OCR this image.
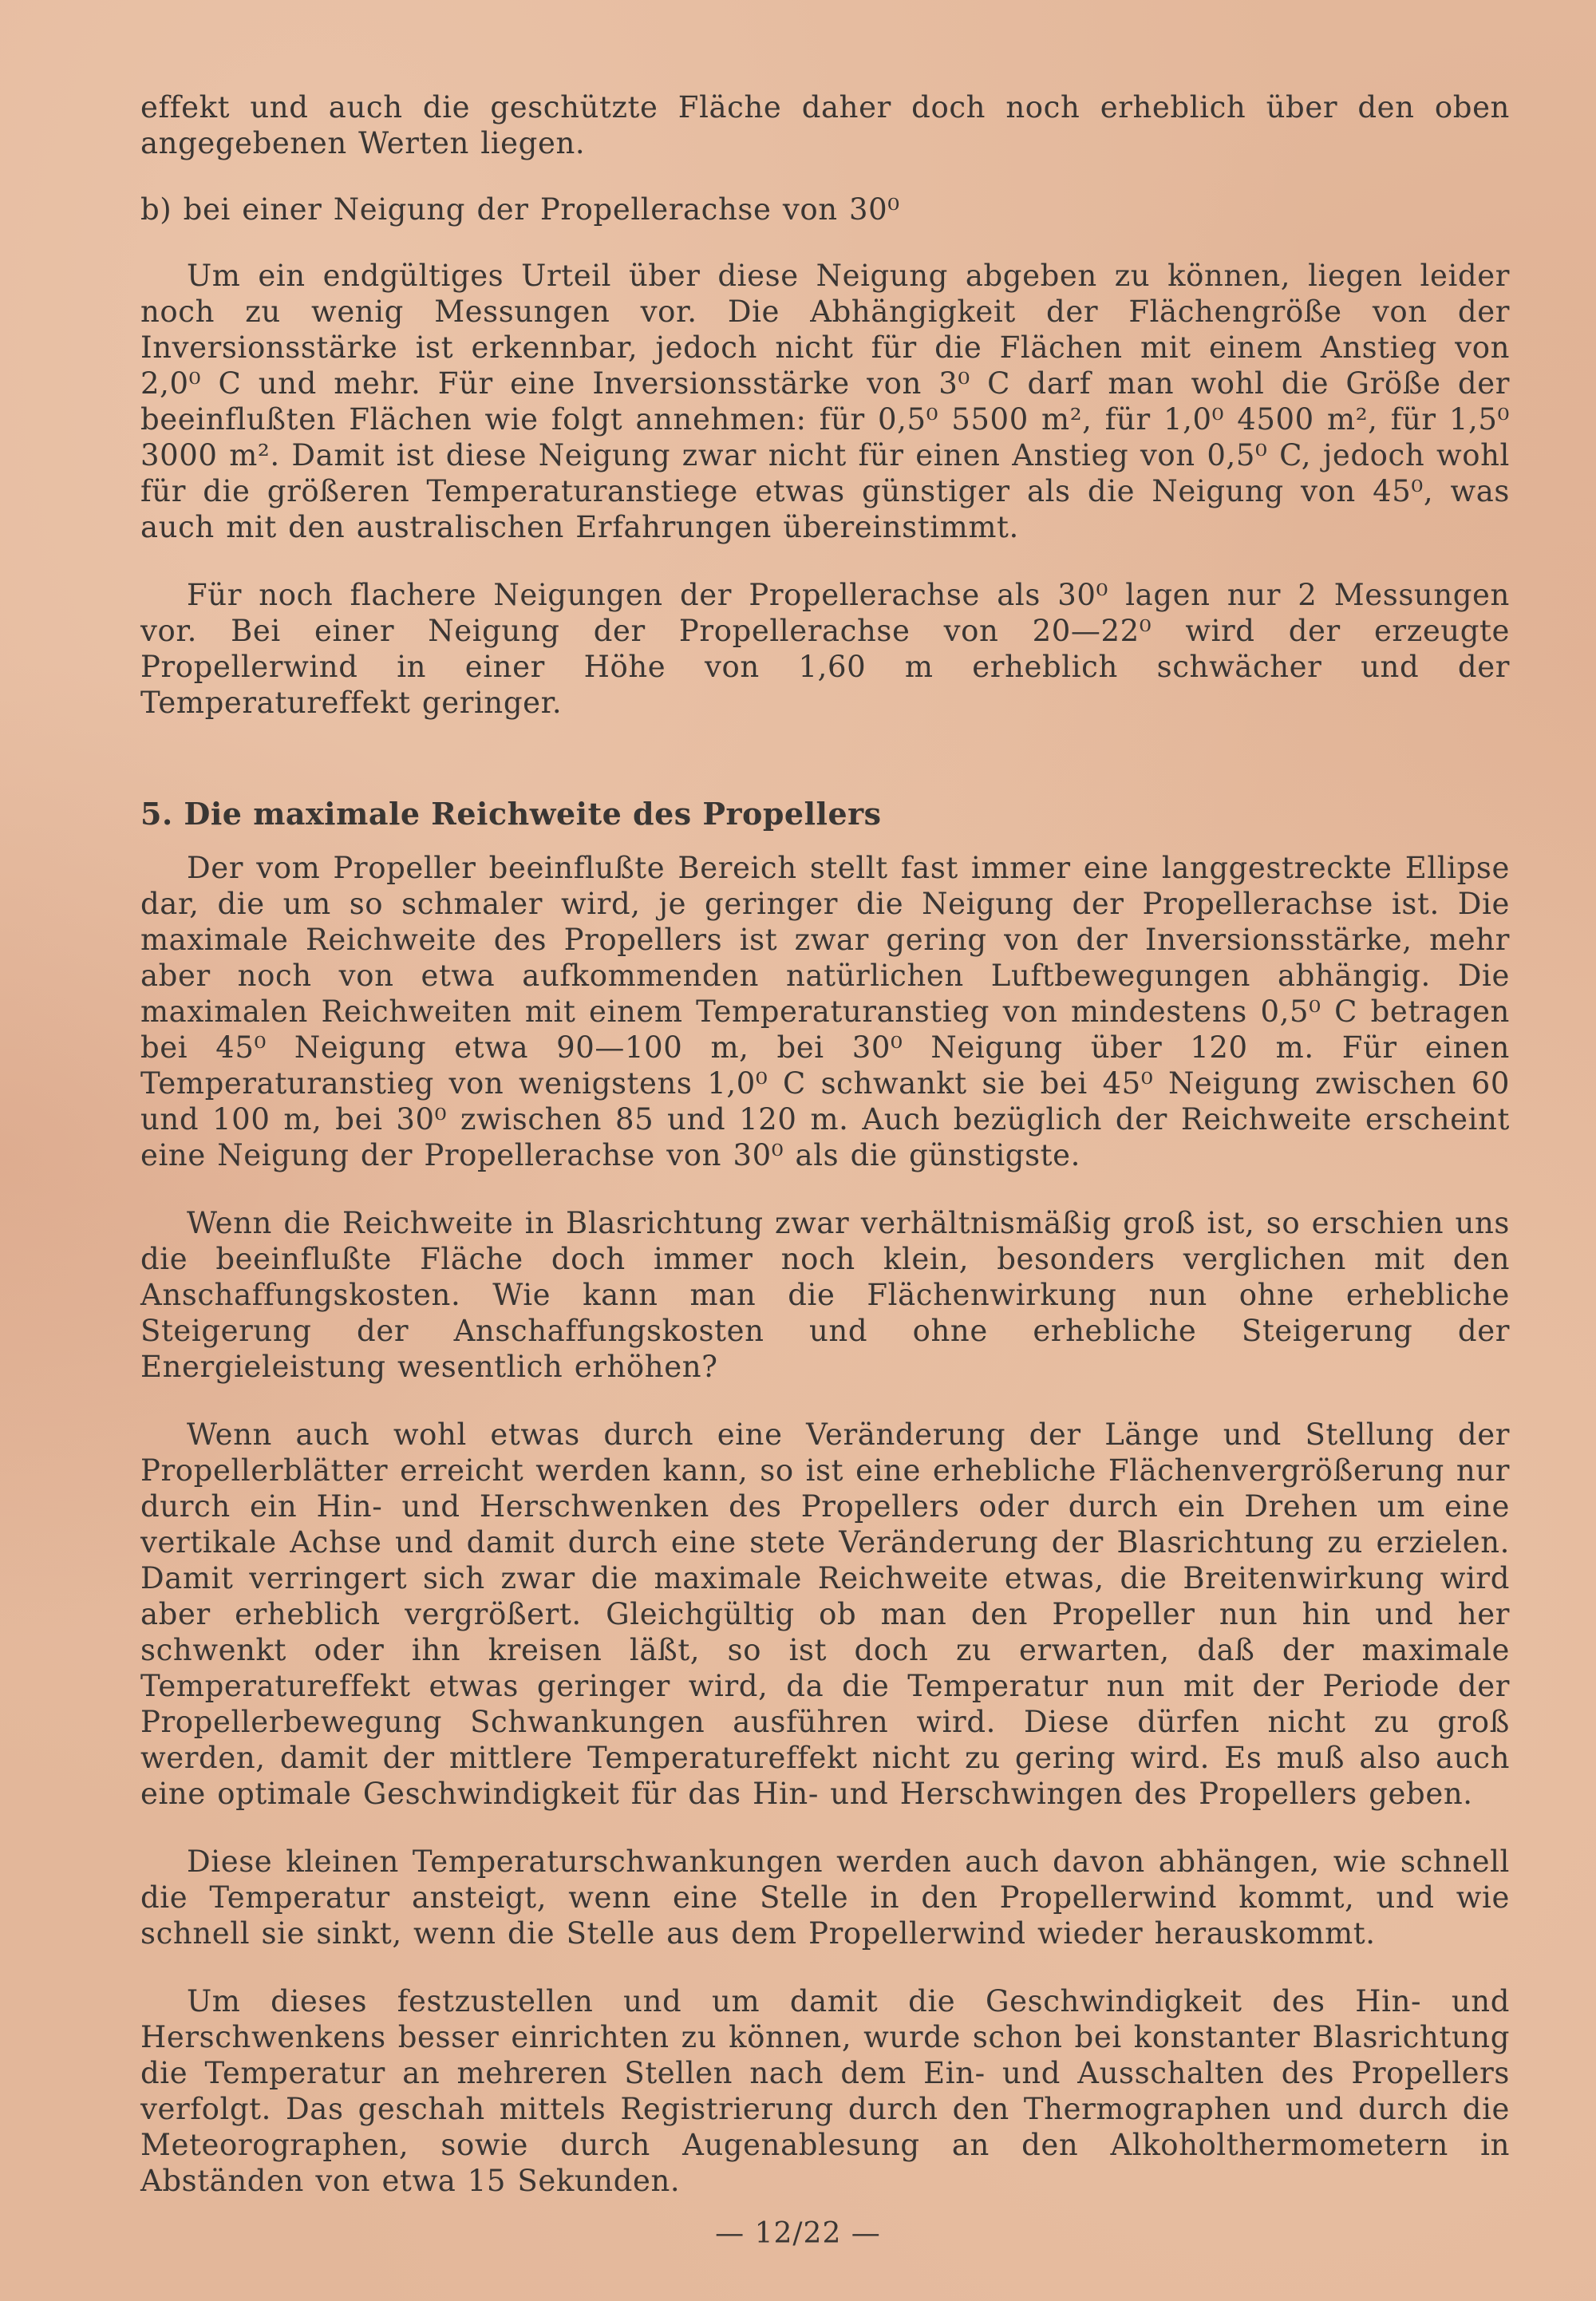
effekt und auch die geschützte Fläche daher doch noch erheblich über den oben angegebenen Werten liegen.

b) bei einer Neigung der Propellerachse von 30⁰

Um ein endgültiges Urteil über diese Neigung abgeben zu können, liegen leider noch zu wenig Messungen vor. Die Abhängigkeit der Flächengröße von der Inversionsstärke ist erkennbar, jedoch nicht für die Flächen mit einem Anstieg von 2,0⁰ C und mehr. Für eine Inversionsstärke von 3⁰ C darf man wohl die Größe der beeinflußten Flächen wie folgt annehmen: für 0,5⁰ 5500 m², für 1,0⁰ 4500 m², für 1,5⁰ 3000 m². Damit ist diese Neigung zwar nicht für einen Anstieg von 0,5⁰ C, jedoch wohl für die größeren Temperaturanstiege etwas günstiger als die Neigung von 45⁰, was auch mit den australischen Erfahrungen übereinstimmt.

Für noch flachere Neigungen der Propellerachse als 30⁰ lagen nur 2 Messungen vor. Bei einer Neigung der Propellerachse von 20—22⁰ wird der erzeugte Propellerwind in einer Höhe von 1,60 m erheblich schwächer und der Temperatureffekt geringer.

5. Die maximale Reichweite des Propellers

Der vom Propeller beeinflußte Bereich stellt fast immer eine langgestreckte Ellipse dar, die um so schmaler wird, je geringer die Neigung der Propellerachse ist. Die maximale Reichweite des Propellers ist zwar gering von der Inversionsstärke, mehr aber noch von etwa aufkommenden natürlichen Luftbewegungen abhängig. Die maximalen Reichweiten mit einem Temperaturanstieg von mindestens 0,5⁰ C betragen bei 45⁰ Neigung etwa 90—100 m, bei 30⁰ Neigung über 120 m. Für einen Temperaturanstieg von wenigstens 1,0⁰ C schwankt sie bei 45⁰ Neigung zwischen 60 und 100 m, bei 30⁰ zwischen 85 und 120 m. Auch bezüglich der Reichweite erscheint eine Neigung der Propellerachse von 30⁰ als die günstigste.

Wenn die Reichweite in Blasrichtung zwar verhältnismäßig groß ist, so erschien uns die beeinflußte Fläche doch immer noch klein, besonders verglichen mit den Anschaffungskosten. Wie kann man die Flächenwirkung nun ohne erhebliche Steigerung der Anschaffungskosten und ohne erhebliche Steigerung der Energieleistung wesentlich erhöhen?

Wenn auch wohl etwas durch eine Veränderung der Länge und Stellung der Propellerblätter erreicht werden kann, so ist eine erhebliche Flächenvergrößerung nur durch ein Hin- und Herschwenken des Propellers oder durch ein Drehen um eine vertikale Achse und damit durch eine stete Veränderung der Blasrichtung zu erzielen. Damit verringert sich zwar die maximale Reichweite etwas, die Breitenwirkung wird aber erheblich vergrößert. Gleichgültig ob man den Propeller nun hin und her schwenkt oder ihn kreisen läßt, so ist doch zu erwarten, daß der maximale Temperatureffekt etwas geringer wird, da die Temperatur nun mit der Periode der Propellerbewegung Schwankungen ausführen wird. Diese dürfen nicht zu groß werden, damit der mittlere Temperatureffekt nicht zu gering wird. Es muß also auch eine optimale Geschwindigkeit für das Hin- und Herschwingen des Propellers geben.

Diese kleinen Temperaturschwankungen werden auch davon abhängen, wie schnell die Temperatur ansteigt, wenn eine Stelle in den Propellerwind kommt, und wie schnell sie sinkt, wenn die Stelle aus dem Propellerwind wieder herauskommt.

Um dieses festzustellen und um damit die Geschwindigkeit des Hin- und Herschwenkens besser einrichten zu können, wurde schon bei konstanter Blasrichtung die Temperatur an mehreren Stellen nach dem Ein- und Ausschalten des Propellers verfolgt. Das geschah mittels Registrierung durch den Thermographen und durch die Meteorographen, sowie durch Augenablesung an den Alkoholthermometern in Abständen von etwa 15 Sekunden.

— 12/22 —
